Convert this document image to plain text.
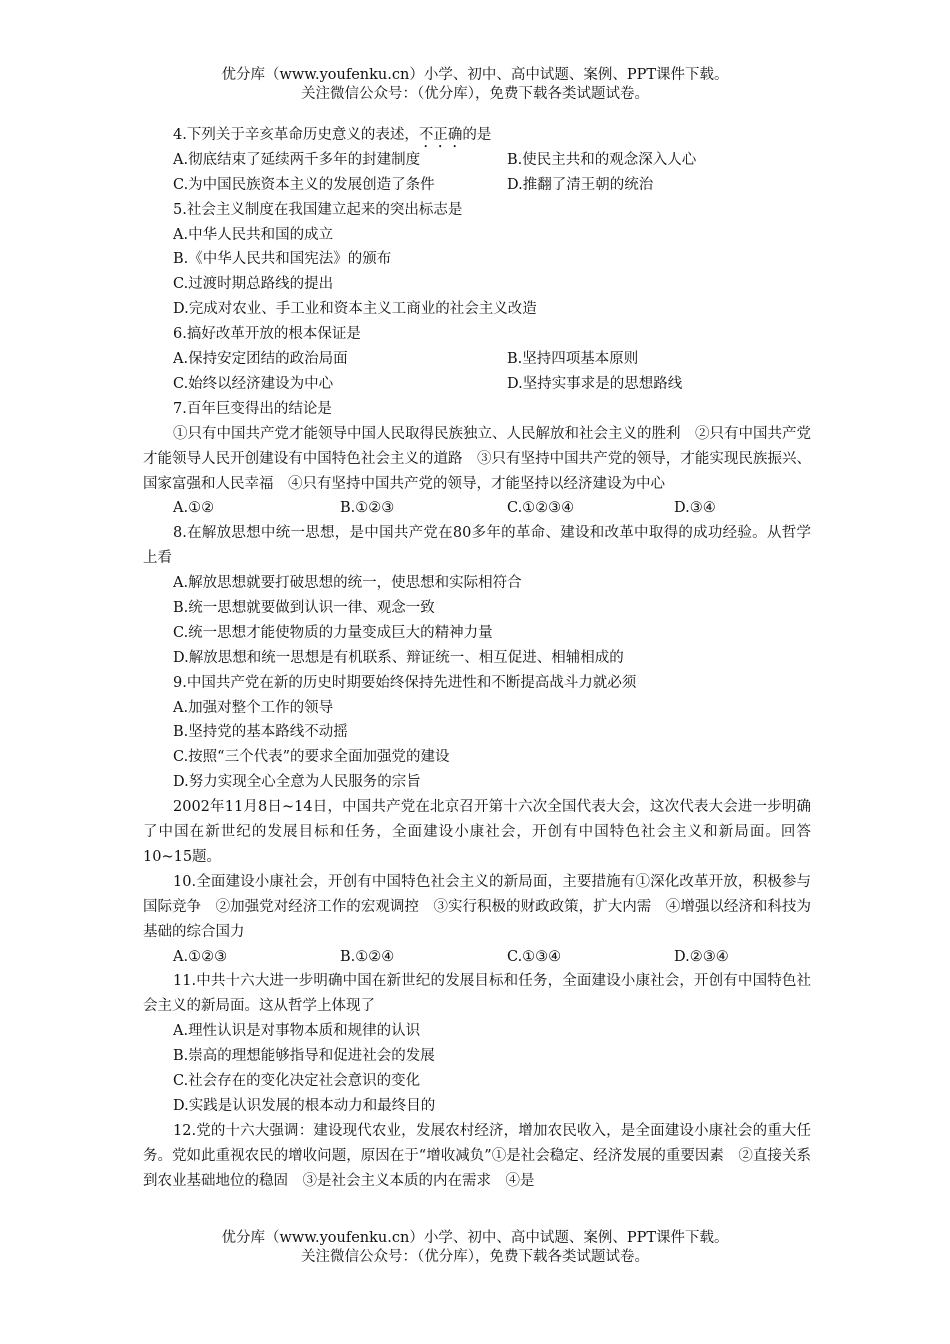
优分库（www.youfenku.cn）小学、初中、高中试题、案例、PPT课件下载。
关注微信公众号：（优分库），免费下载各类试题试卷。
4.下列关于辛亥革命历史意义的表述，不正确的是
A.彻底结束了延续两千多年的封建制度	B.使民主共和的观念深入人心
C.为中国民族资本主义的发展创造了条件	D.推翻了清王朝的统治
5.社会主义制度在我国建立起来的突出标志是
A.中华人民共和国的成立
B.《中华人民共和国宪法》的颁布
C.过渡时期总路线的提出
D.完成对农业、手工业和资本主义工商业的社会主义改造
6.搞好改革开放的根本保证是
A.保持安定团结的政治局面	B.坚持四项基本原则
C.始终以经济建设为中心	D.坚持实事求是的思想路线
7.百年巨变得出的结论是
①只有中国共产党才能领导中国人民取得民族独立、人民解放和社会主义的胜利　②只有中国共产党才能领导人民开创建设有中国特色社会主义的道路　③只有坚持中国共产党的领导，才能实现民族振兴、国家富强和人民幸福　④只有坚持中国共产党的领导，才能坚持以经济建设为中心
A.①②	B.①②③	C.①②③④	D.③④
8.在解放思想中统一思想，是中国共产党在80多年的革命、建设和改革中取得的成功经验。从哲学上看
A.解放思想就要打破思想的统一，使思想和实际相符合
B.统一思想就要做到认识一律、观念一致
C.统一思想才能使物质的力量变成巨大的精神力量
D.解放思想和统一思想是有机联系、辩证统一、相互促进、相辅相成的
9.中国共产党在新的历史时期要始终保持先进性和不断提高战斗力就必须
A.加强对整个工作的领导
B.坚持党的基本路线不动摇
C.按照“三个代表”的要求全面加强党的建设
D.努力实现全心全意为人民服务的宗旨
2002年11月8日~14日，中国共产党在北京召开第十六次全国代表大会，这次代表大会进一步明确了中国在新世纪的发展目标和任务，全面建设小康社会，开创有中国特色社会主义和新局面。回答10~15题。
10.全面建设小康社会，开创有中国特色社会主义的新局面，主要措施有①深化改革开放，积极参与国际竞争　②加强党对经济工作的宏观调控　③实行积极的财政政策，扩大内需　④增强以经济和科技为基础的综合国力
A.①②③	B.①②④	C.①③④	D.②③④
11.中共十六大进一步明确中国在新世纪的发展目标和任务，全面建设小康社会，开创有中国特色社会主义的新局面。这从哲学上体现了
A.理性认识是对事物本质和规律的认识
B.崇高的理想能够指导和促进社会的发展
C.社会存在的变化决定社会意识的变化
D.实践是认识发展的根本动力和最终目的
12.党的十六大强调：建设现代农业，发展农村经济，增加农民收入，是全面建设小康社会的重大任务。党如此重视农民的增收问题，原因在于“增收减负”①是社会稳定、经济发展的重要因素　②直接关系到农业基础地位的稳固　③是社会主义本质的内在需求　④是
优分库（www.youfenku.cn）小学、初中、高中试题、案例、PPT课件下载。
关注微信公众号：（优分库），免费下载各类试题试卷。
